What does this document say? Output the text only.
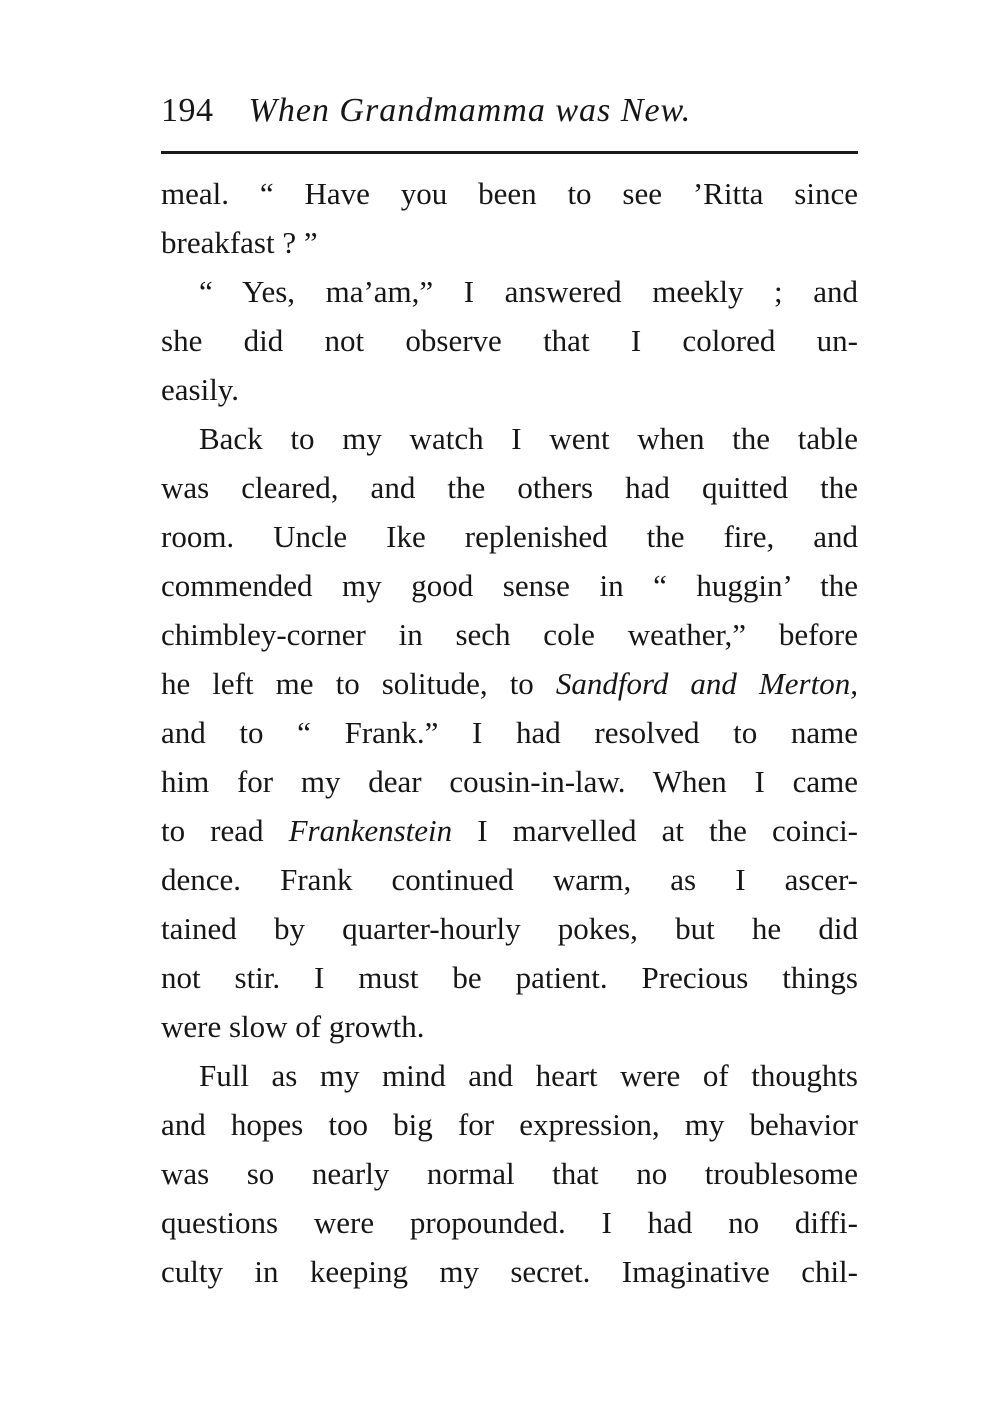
194 When Grandmamma was New.
meal. “ Have you been to see ’Ritta since
breakfast ? ”
“ Yes, ma’am,” I answered meekly ; and
she did not observe that I colored un-
easily.
Back to my watch I went when the table
was cleared, and the others had quitted the
room. Uncle Ike replenished the fire, and
commended my good sense in “ huggin’ the
chimbley-corner in sech cole weather,” before
he left me to solitude, to Sandford and Merton,
and to “ Frank.” I had resolved to name
him for my dear cousin-in-law. When I came
to read Frankenstein I marvelled at the coinci-
dence. Frank continued warm, as I ascer-
tained by quarter-hourly pokes, but he did
not stir. I must be patient. Precious things
were slow of growth.
Full as my mind and heart were of thoughts
and hopes too big for expression, my behavior
was so nearly normal that no troublesome
questions were propounded. I had no diffi-
culty in keeping my secret. Imaginative chil-
